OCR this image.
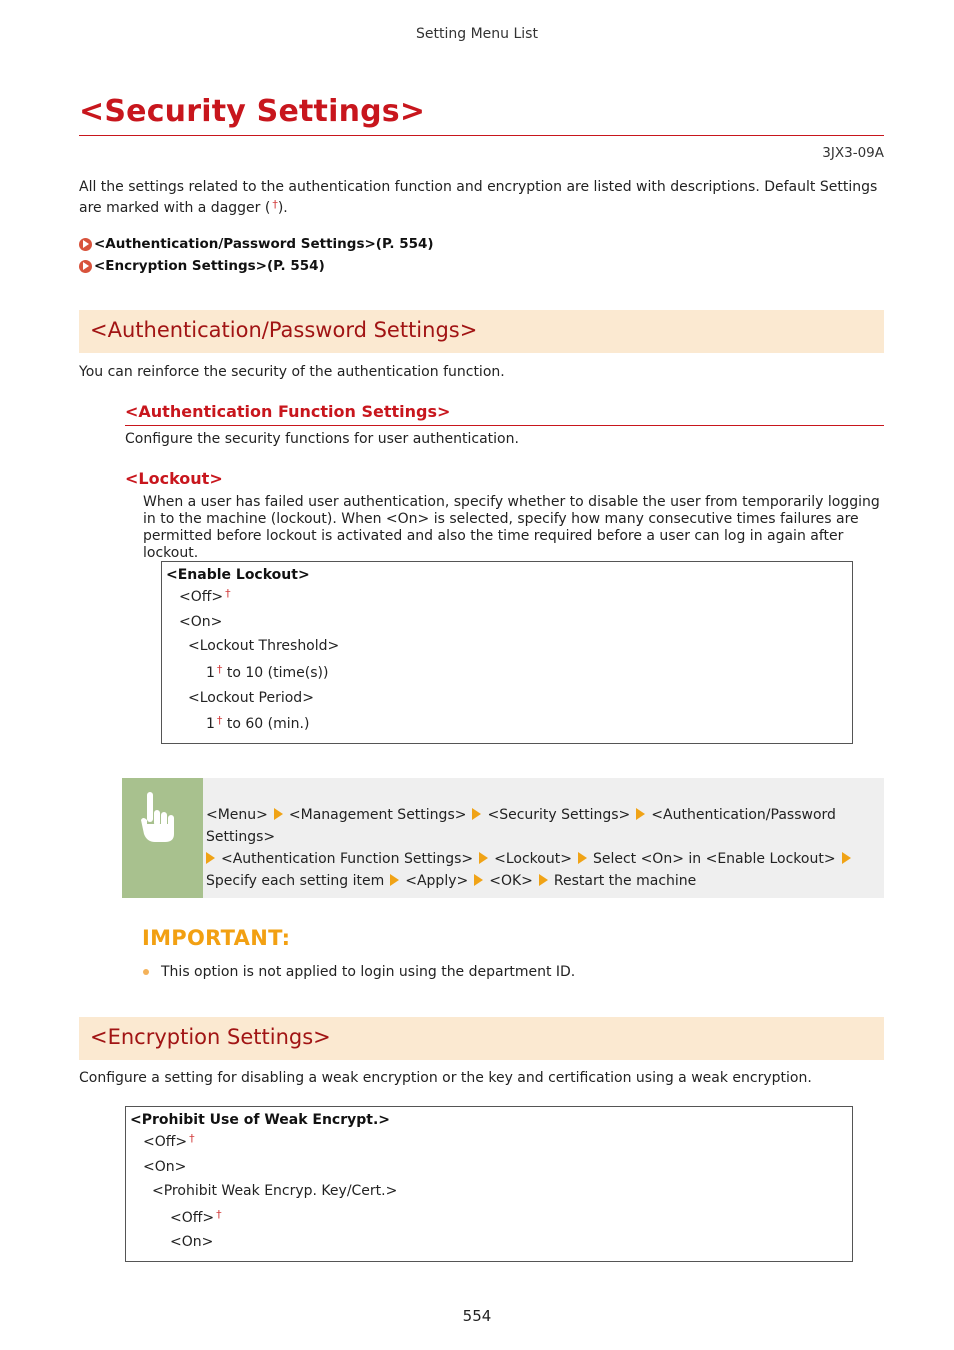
Setting Menu List
<Security Settings>
3JX3-09A
All the settings related to the authentication function and encryption are listed with descriptions. Default Settings are marked with a dagger ( †).
<Authentication/Password Settings>(P. 554)
<Encryption Settings>(P. 554)
<Authentication/Password Settings>
You can reinforce the security of the authentication function.
<Authentication Function Settings>
Configure the security functions for user authentication.
<Lockout>
When a user has failed user authentication, specify whether to disable the user from temporarily logging in to the machine (lockout). When <On> is selected, specify how many consecutive times failures are permitted before lockout is activated and also the time required before a user can log in again after lockout.
<Enable Lockout>
<Off> †
<On>
<Lockout Threshold>
1 † to 10 (time(s))
<Lockout Period>
1 † to 60 (min.)
<Menu> <Management Settings> <Security Settings> <Authentication/Password Settings>
<Authentication Function Settings> <Lockout> Select <On> in <Enable Lockout>Specify each setting item <Apply> <OK> Restart the machine
IMPORTANT:
This option is not applied to login using the department ID.
<Encryption Settings>
Configure a setting for disabling a weak encryption or the key and certification using a weak encryption.
<Prohibit Use of Weak Encrypt.>
<Off> †
<On>
<Prohibit Weak Encryp. Key/Cert.>
<Off> †
<On>
554
